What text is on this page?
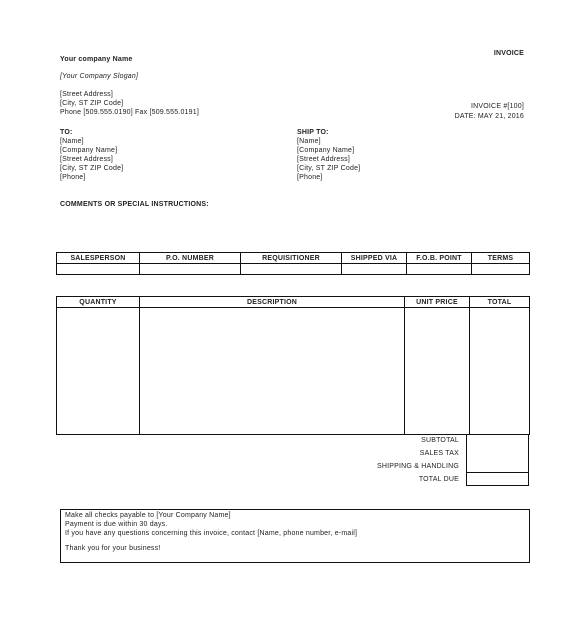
Your company Name
[Your Company Slogan]
[Street Address]
[City, ST ZIP Code]
Phone [509.555.0190] Fax [509.555.0191]
INVOICE
INVOICE #[100]
DATE: MAY 21, 2016
TO:
[Name]
[Company Name]
[Street Address]
[City, ST ZIP Code]
[Phone]
SHIP TO:
[Name]
[Company Name]
[Street Address]
[City, ST ZIP Code]
[Phone]
COMMENTS OR SPECIAL INSTRUCTIONS:
SALESPERSON	P.O. NUMBER	REQUISITIONER	SHIPPED VIA	F.O.B. POINT	TERMS

QUANTITY	DESCRIPTION	UNIT PRICE	TOTAL

SUBTOTAL
SALES TAX
SHIPPING & HANDLING
TOTAL DUE
Make all checks payable to [Your Company Name]
Payment is due within 30 days.
If you have any questions concerning this invoice, contact [Name, phone number, e-mail]
Thank you for your business!
